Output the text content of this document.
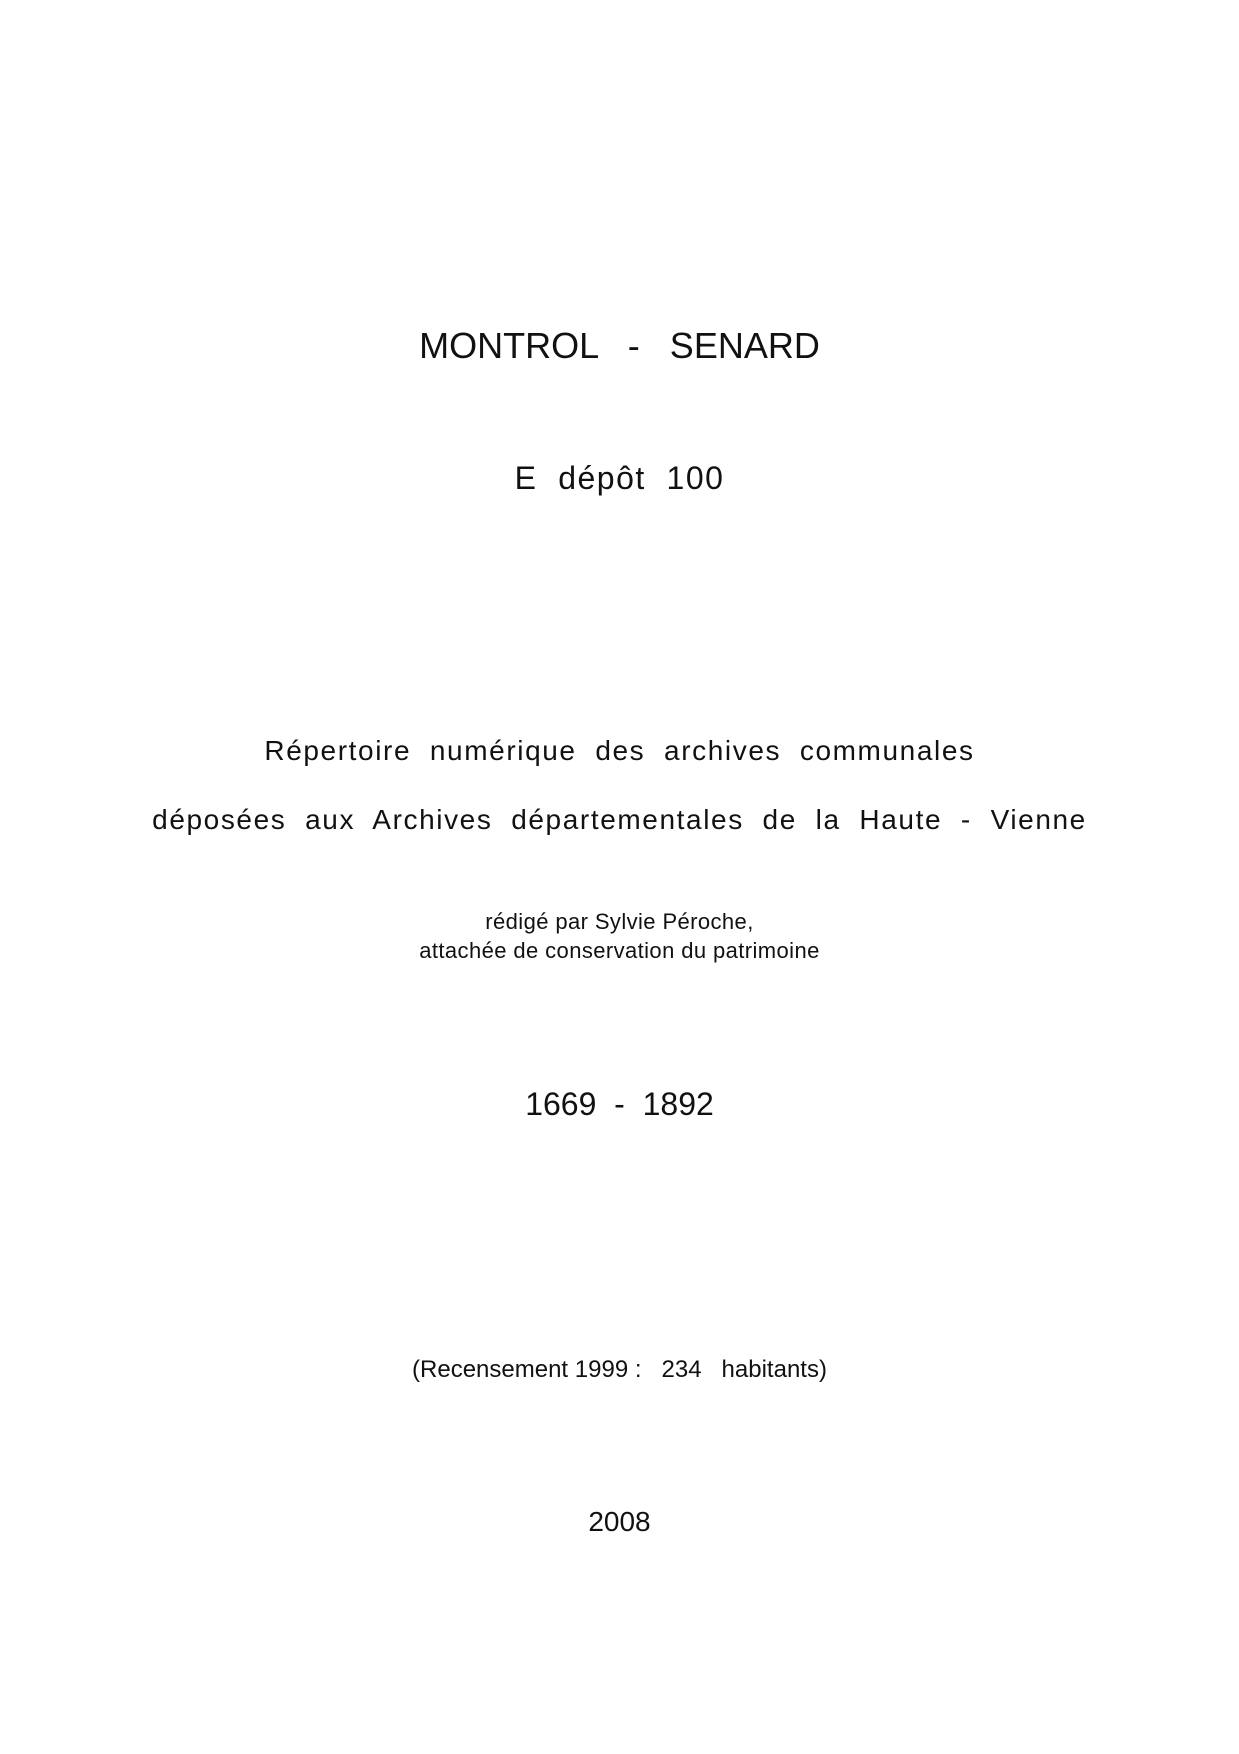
MONTROL   -   SENARD
E  dépôt  100
Répertoire  numérique  des  archives  communales
déposées  aux  Archives  départementales  de  la  Haute  -  Vienne
rédigé par Sylvie Péroche,
attachée de conservation du patrimoine
1669  -  1892
(Recensement 1999 :   234   habitants)
2008
